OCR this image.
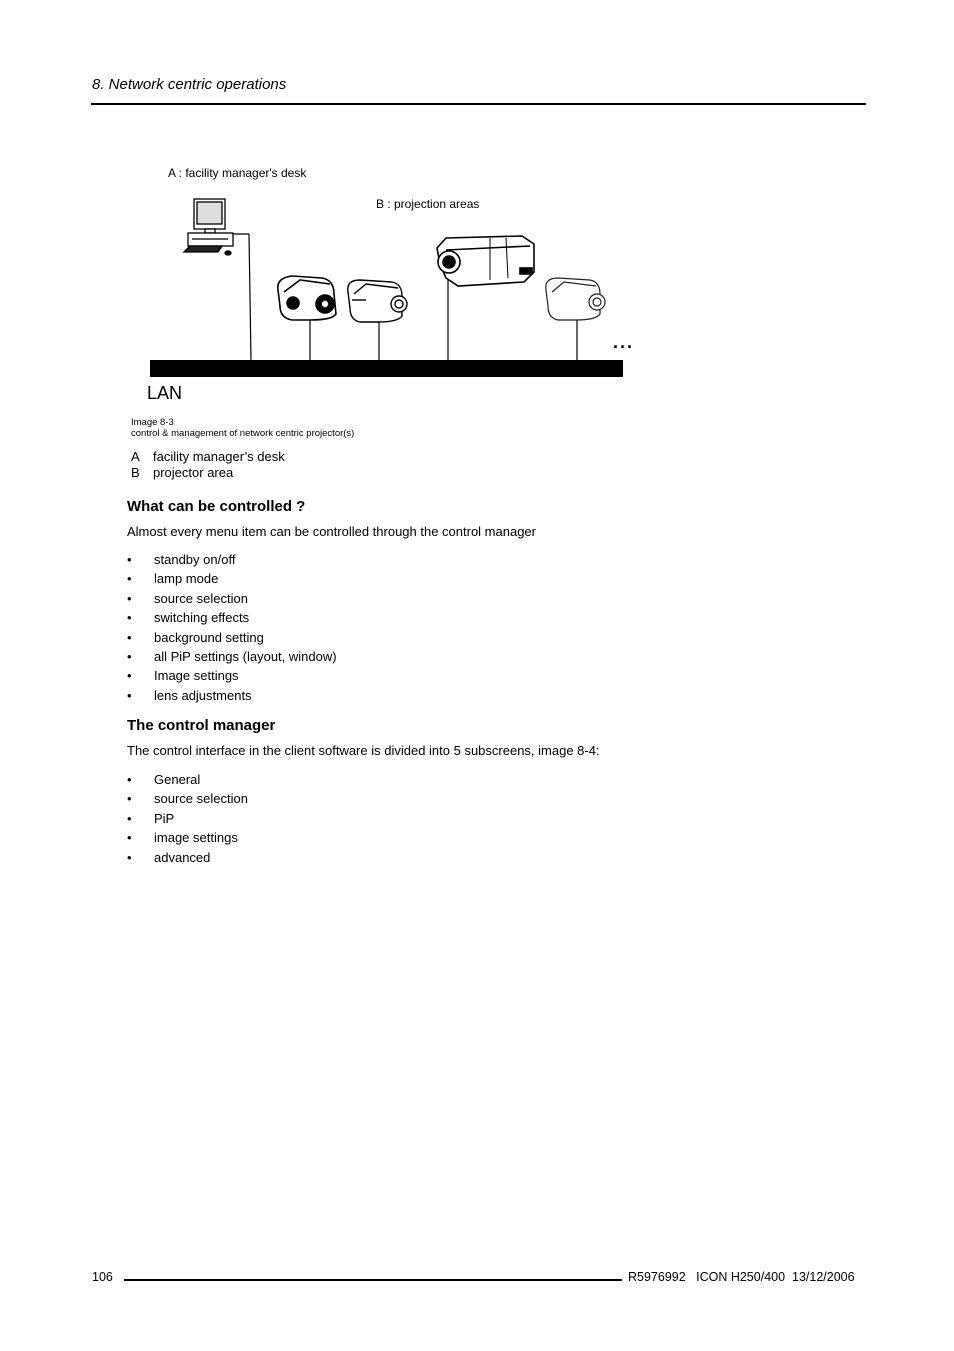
8. Network centric operations
A : facility manager's desk
B : projection areas
...
LAN
Image 8-3
control & management of network centric projector(s)
A facility manager’s desk
B projector area
What can be controlled ?
Almost every menu item can be controlled through the control manager
• standby on/off
• lamp mode
• source selection
• switching effects
• background setting
• all PiP settings (layout, window)
• Image settings
• lens adjustments
The control manager
The control interface in the client software is divided into 5 subscreens, image 8-4:
• General
• source selection
• PiP
• image settings
• advanced
106	R5976992   ICON H250/400  13/12/2006
